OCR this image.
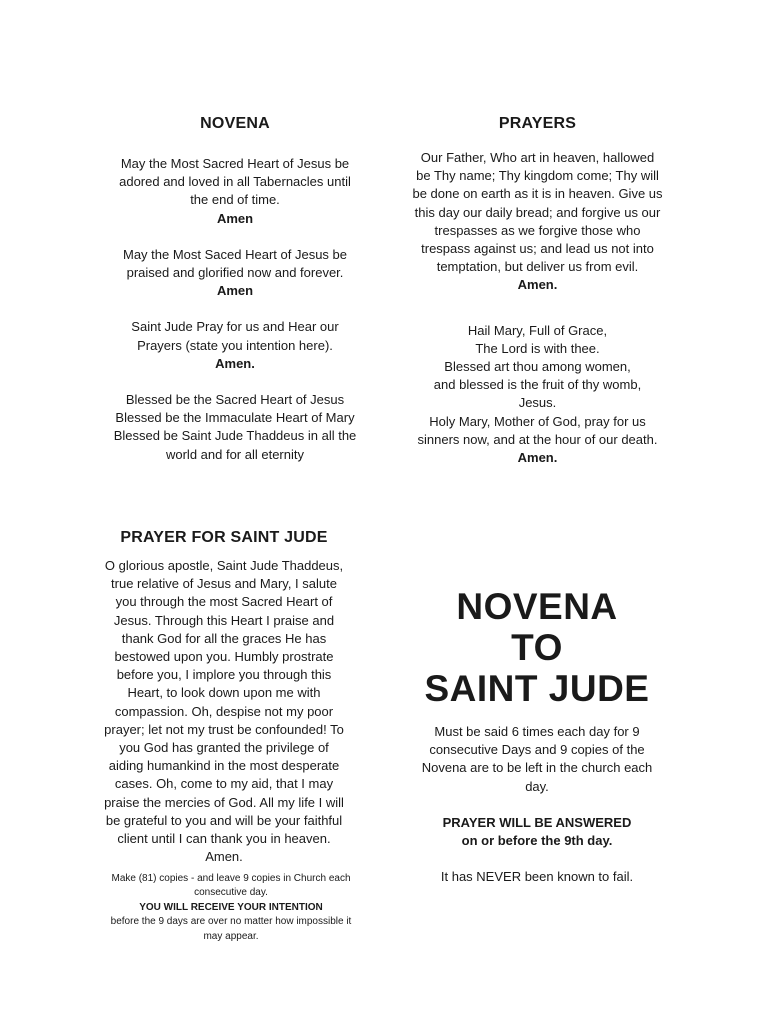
NOVENA

May the Most Sacred Heart of Jesus be

adored and loved in all Tabernacles until

the end of time.

Amen

May the Most Saced Heart of Jesus be

praised and glorified now and forever.

Amen

Saint Jude Pray for us and Hear our

Prayers (state you intention here).

Amen.

Blessed be the Sacred Heart of Jesus

Blessed be the Immaculate Heart of Mary

Blessed be Saint Jude Thaddeus in all the

world and for all eternity

PRAYERS

Our Father, Who art in heaven, hallowed

be Thy name; Thy kingdom come; Thy will

be done on earth as it is in heaven. Give us

this day our daily bread; and forgive us our

trespasses as we forgive those who

trespass against us; and lead us not into

temptation, but deliver us from evil.

Amen.

Hail Mary, Full of Grace,

The Lord is with thee.

Blessed art thou among women,

and blessed is the fruit of thy womb,

Jesus.

Holy Mary, Mother of God, pray for us

sinners now, and at the hour of our death.

Amen.

PRAYER FOR SAINT JUDE

O glorious apostle, Saint Jude Thaddeus,

true relative of Jesus and Mary, I salute

you through the most Sacred Heart of

Jesus. Through this Heart I praise and

thank God for all the graces He has

bestowed upon you. Humbly prostrate

before you, I implore you through this

Heart, to look down upon me with

compassion. Oh, despise not my poor

prayer; let not my trust be confounded! To

you God has granted the privilege of

aiding humankind in the most desperate

cases. Oh, come to my aid, that I may

praise the mercies of God. All my life I will

be grateful to you and will be your faithful

client until I can thank you in heaven.

Amen.

Make (81) copies - and leave 9 copies in Church each

consecutive day.

YOU WILL RECEIVE YOUR INTENTION

before the 9 days are over no matter how impossible it

may appear.

NOVENA

TO

SAINT JUDE

Must be said 6 times each day for 9

consecutive Days and 9 copies of the

Novena are to be left in the church each

day.

PRAYER WILL BE ANSWERED

on or before the 9th day.

It has NEVER been known to fail.
